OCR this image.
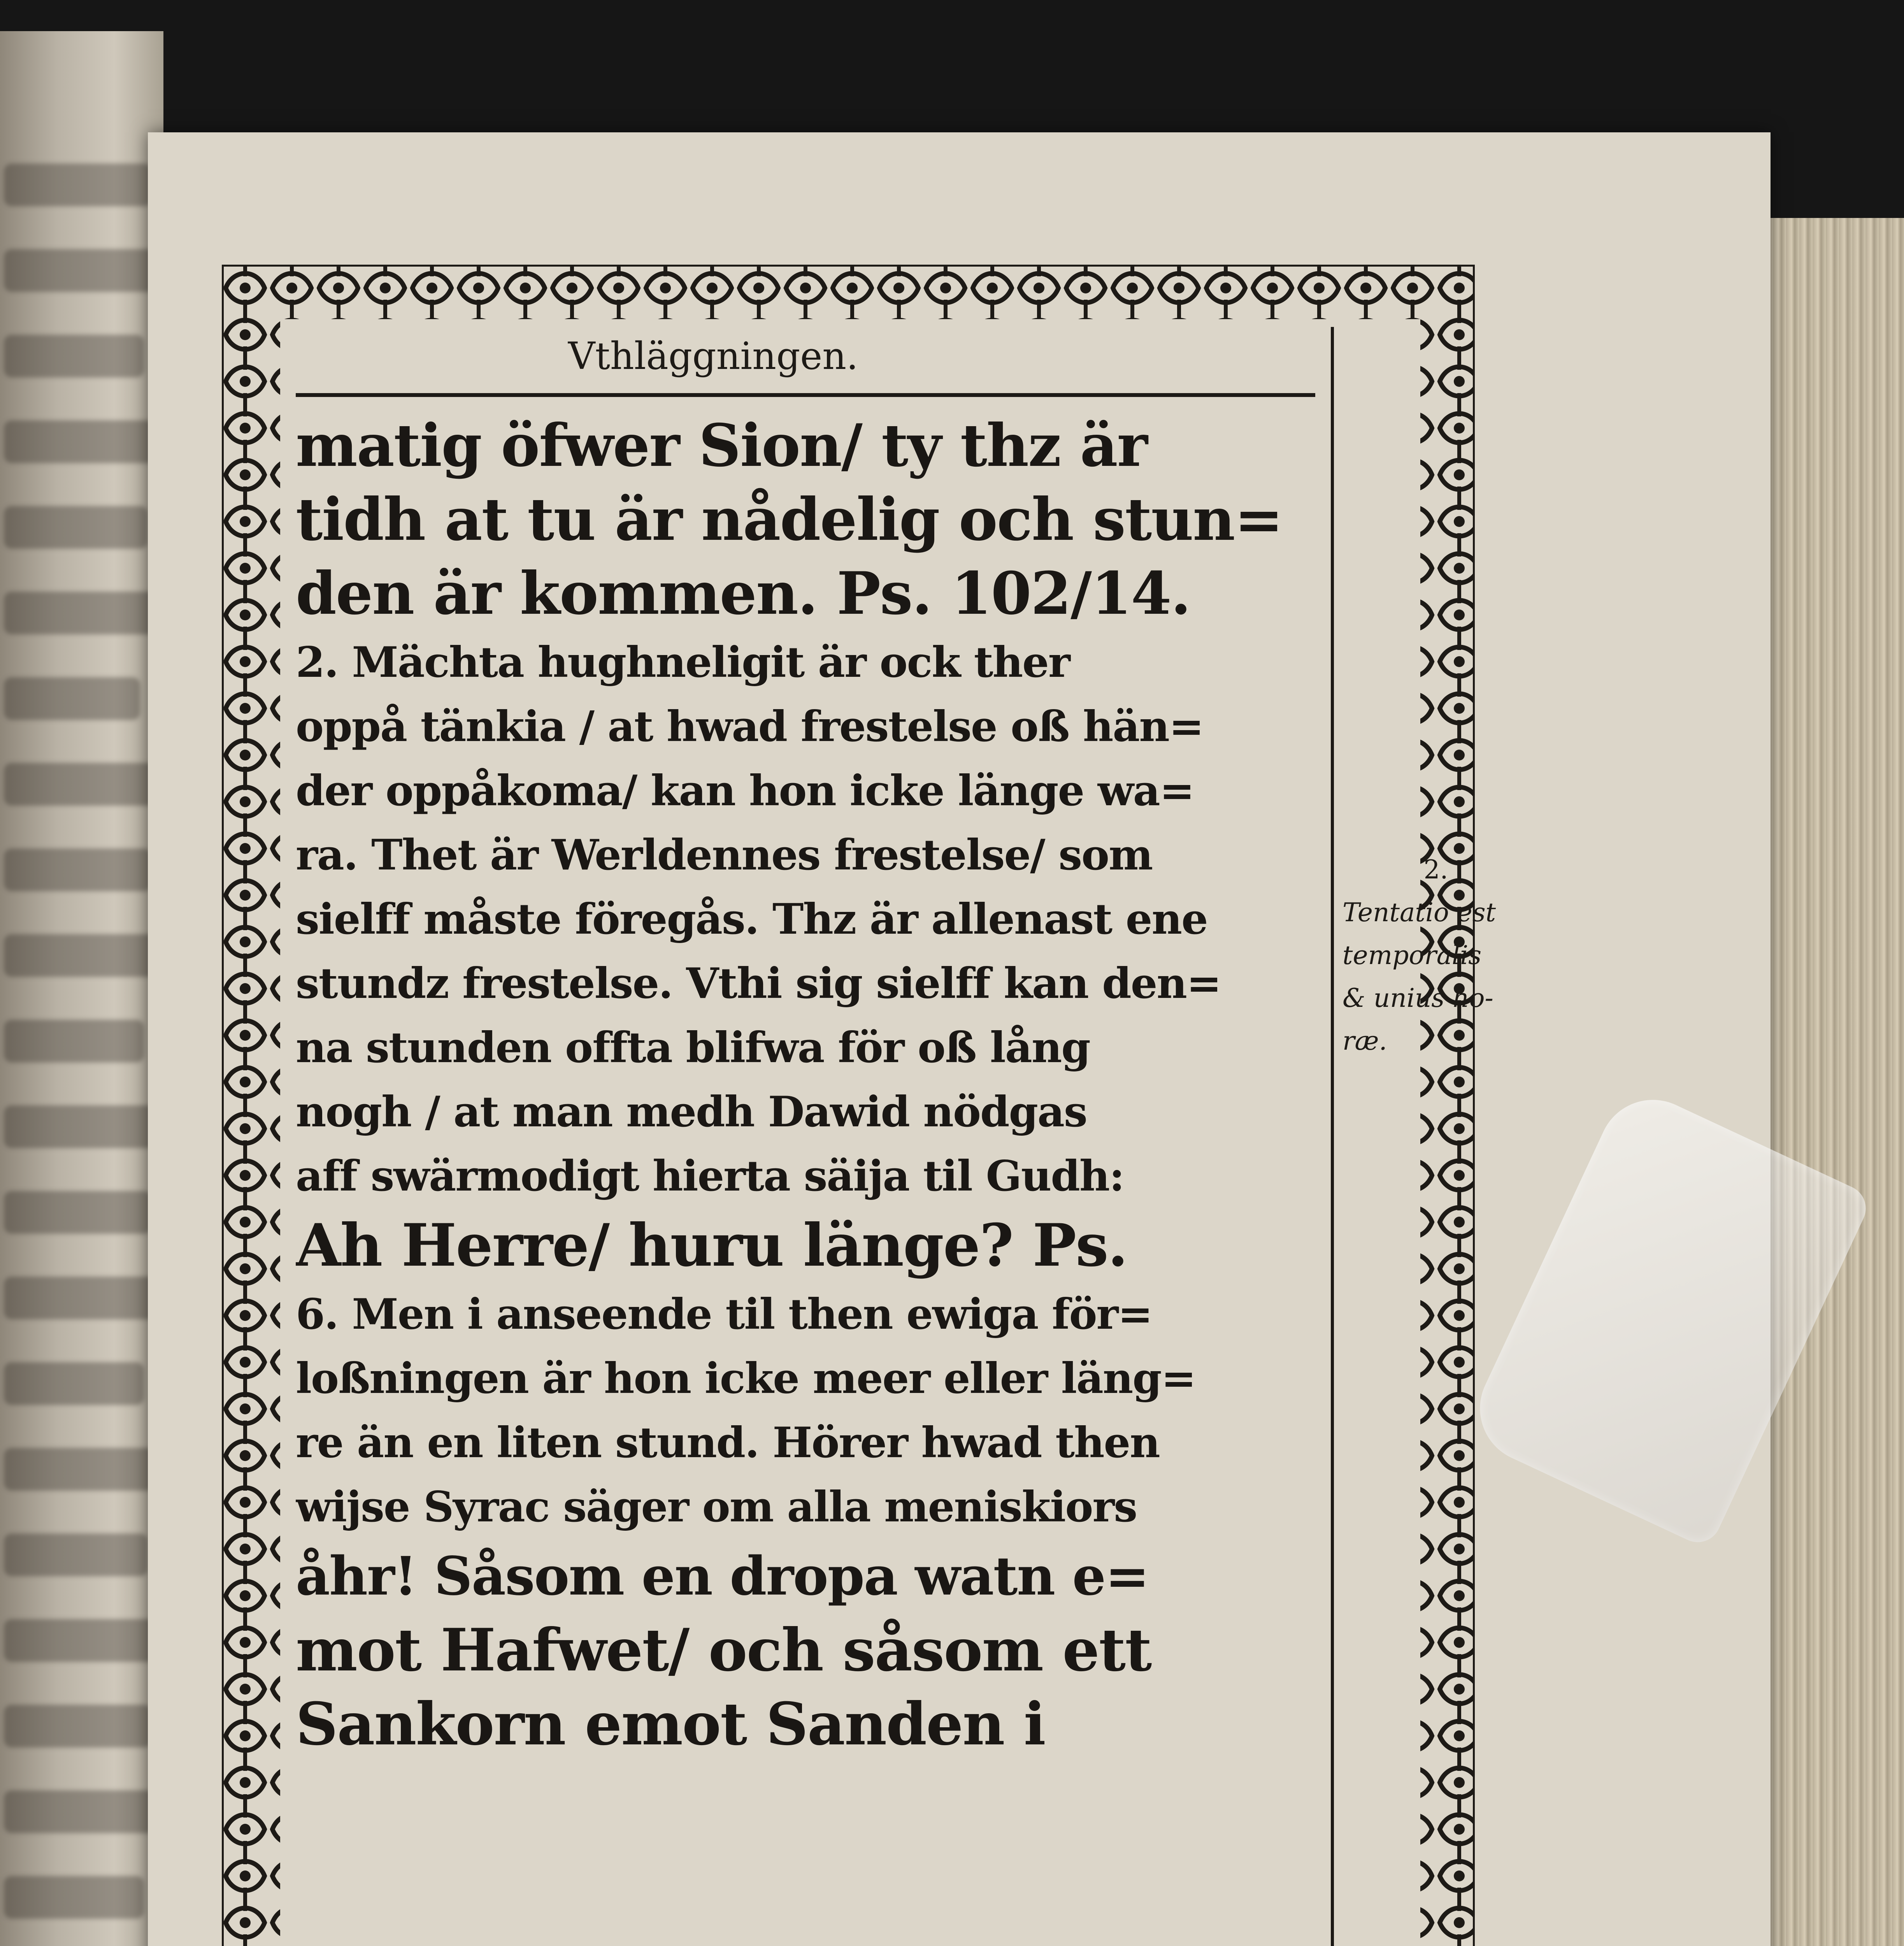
Vthläggningen.
matig öfwer Sion/ ty thz är
tidh at tu är nådelig och stun=
den är kommen. Ps. 102/14.
2. Mächta hughneligit är ock ther
oppå tänkia / at hwad frestelse oß hän=
der oppåkoma/ kan hon icke länge wa=
ra. Thet är Werldennes frestelse/ som
sielff måste föregås. Thz är allenast ene
stundz frestelse. Vthi sig sielff kan den=
na stunden offta blifwa för oß lång
nogh / at man medh Dawid nödgas
aff swärmodigt hierta säija til Gudh:
Ah Herre/ huru länge? Ps.
6. Men i anseende til then ewiga för=
loßningen är hon icke meer eller läng=
re än en liten stund. Hörer hwad then
wijse Syrac säger om alla meniskiors
åhr! Såsom en dropa watn e=
mot Hafwet/ och såsom ett
Sankorn emot Sanden i
2.
Tentatio est
temporalis
& unius ho-
ræ.
